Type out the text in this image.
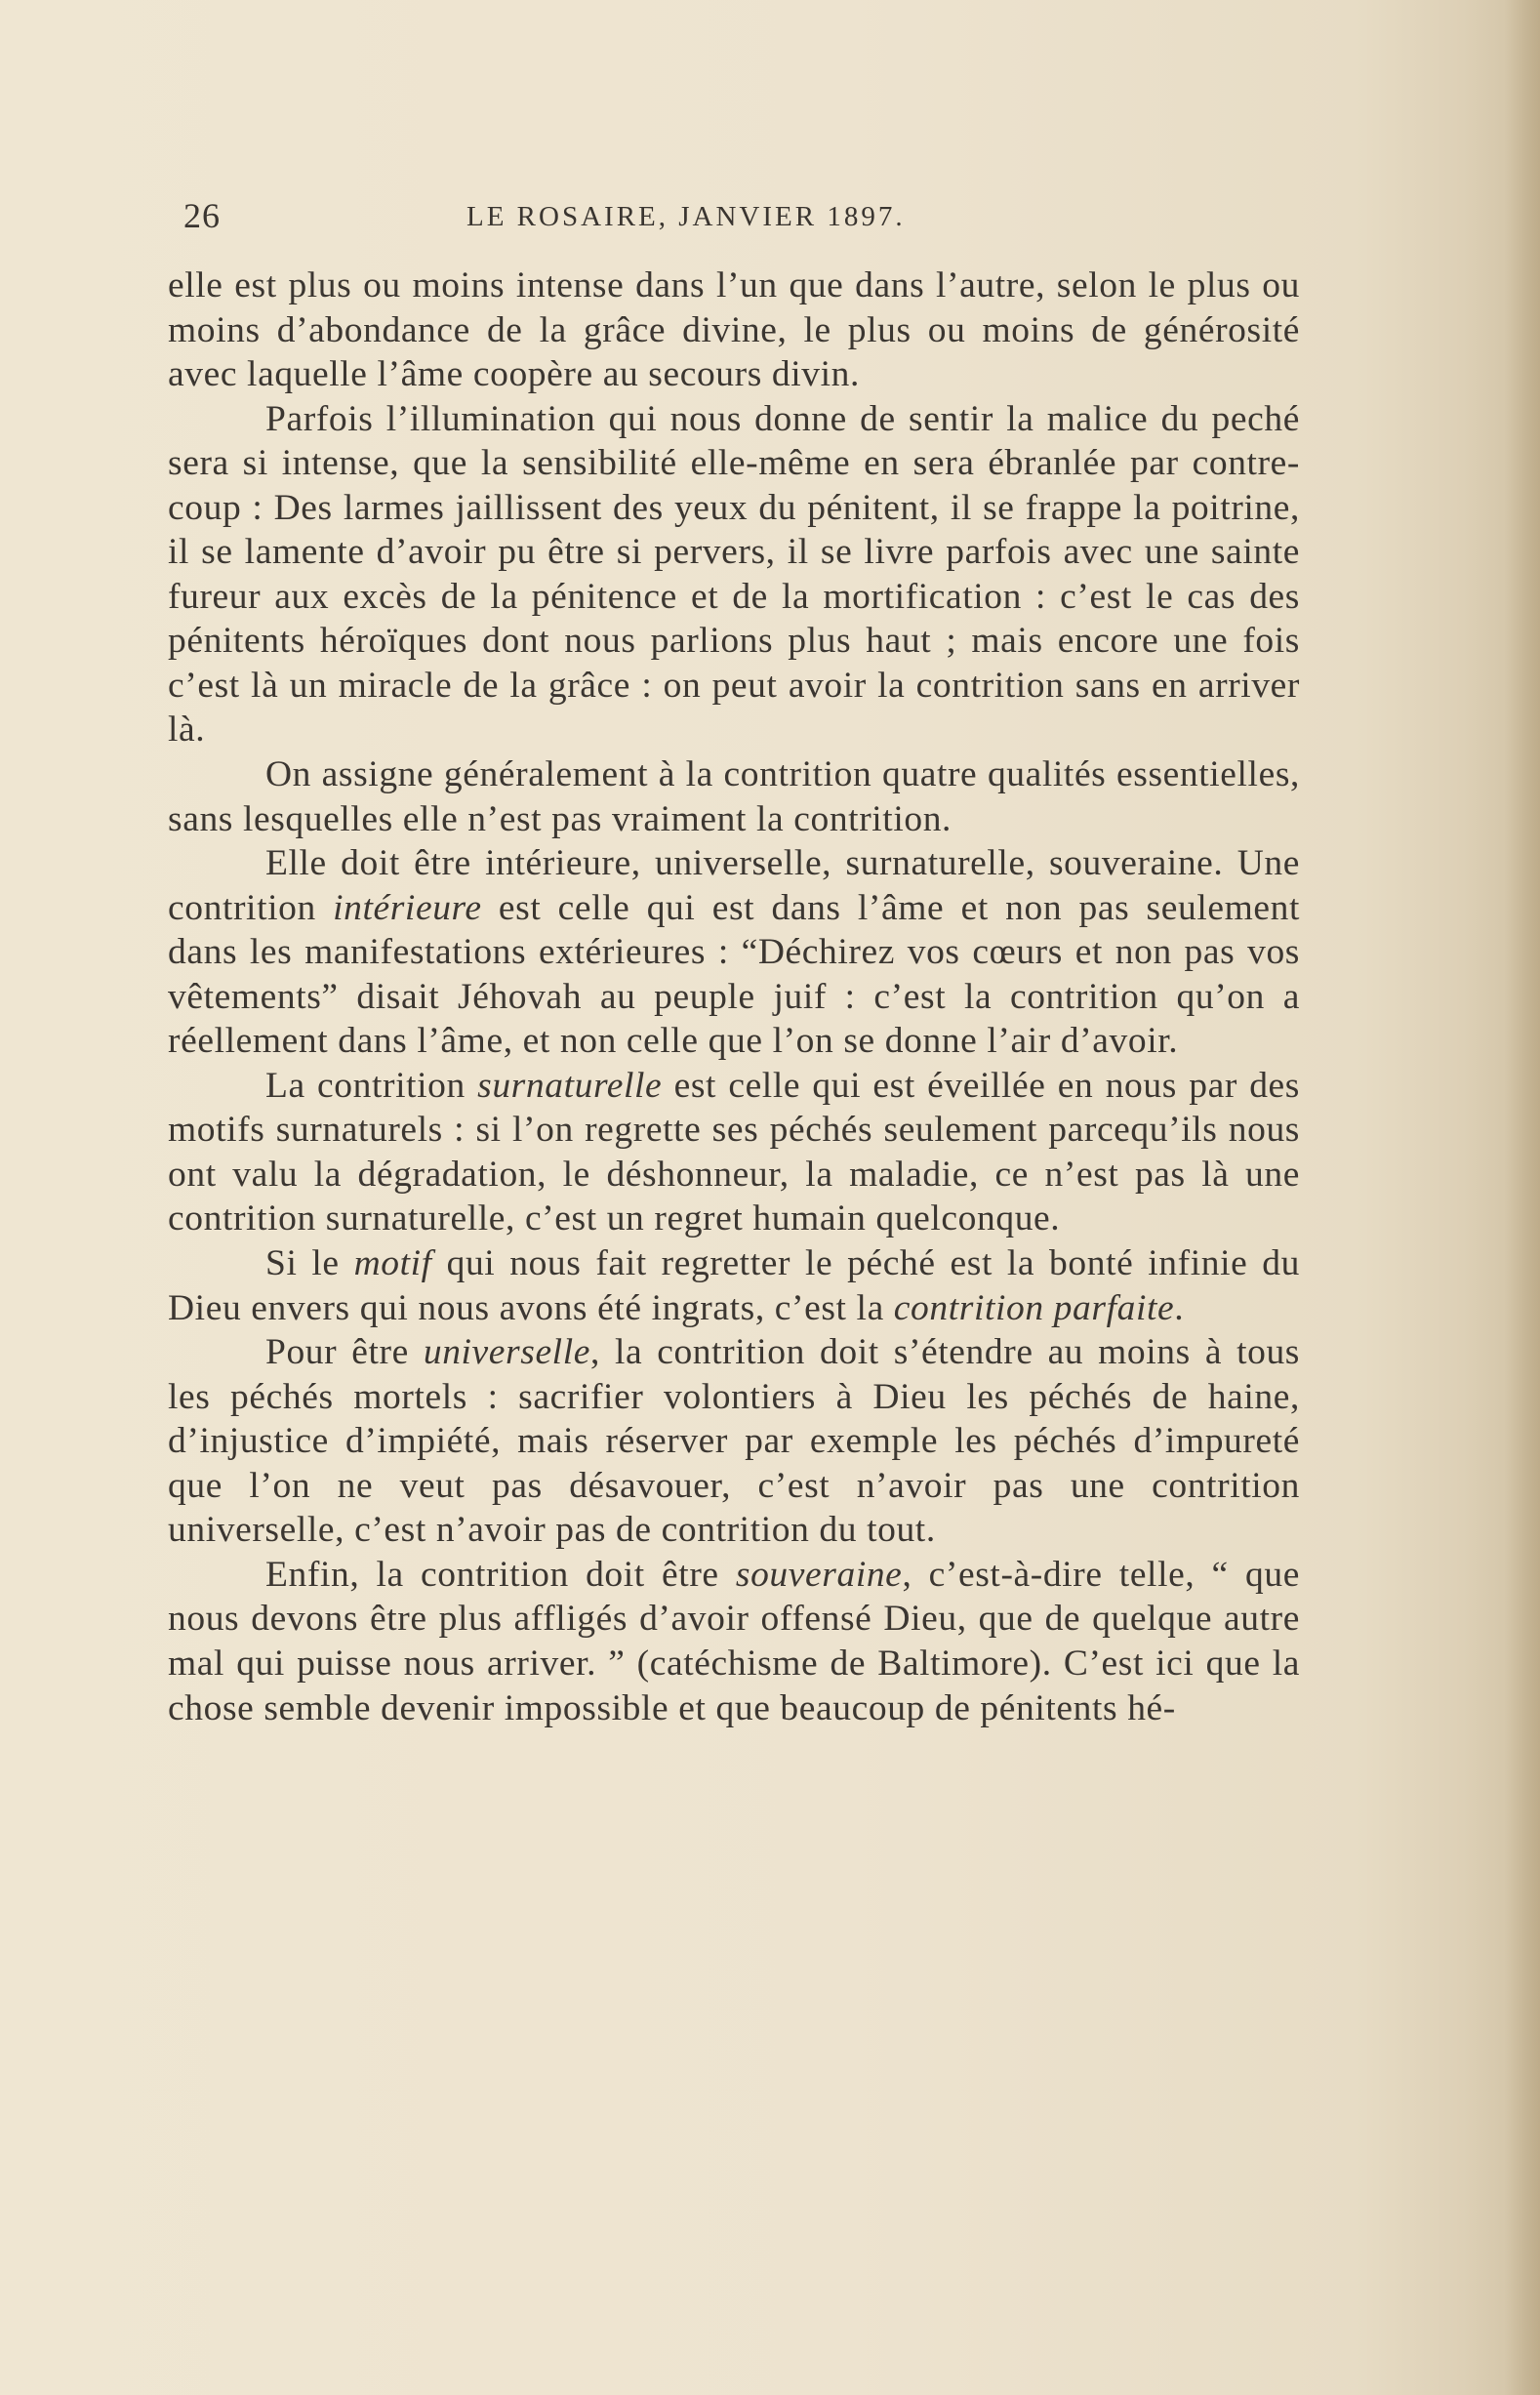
26	LE ROSAIRE, JANVIER 1897.

elle est plus ou moins intense dans l’un que dans l’autre, selon le plus ou moins d’abondance de la grâce divine, le plus ou moins de générosité avec laquelle l’âme coopère au secours divin.

Parfois l’illumination qui nous donne de sentir la malice du peché sera si intense, que la sensibilité elle-même en sera ébranlée par contre-coup : Des larmes jaillissent des yeux du pénitent, il se frappe la poitrine, il se lamente d’avoir pu être si pervers, il se livre parfois avec une sainte fureur aux excès de la pénitence et de la mortification : c’est le cas des pénitents héroïques dont nous parlions plus haut ; mais encore une fois c’est là un miracle de la grâce : on peut avoir la contrition sans en arriver là.

On assigne généralement à la contrition quatre qualités essentielles, sans lesquelles elle n’est pas vraiment la contrition.

Elle doit être intérieure, universelle, surnaturelle, souveraine. Une contrition intérieure est celle qui est dans l’âme et non pas seulement dans les manifestations extérieures : “Déchirez vos cœurs et non pas vos vêtements” disait Jéhovah au peuple juif : c’est la contrition qu’on a réellement dans l’âme, et non celle que l’on se donne l’air d’avoir.

La contrition surnaturelle est celle qui est éveillée en nous par des motifs surnaturels : si l’on regrette ses péchés seulement parcequ’ils nous ont valu la dégradation, le déshonneur, la maladie, ce n’est pas là une contrition surnaturelle, c’est un regret humain quelconque.

Si le motif qui nous fait regretter le péché est la bonté infinie du Dieu envers qui nous avons été ingrats, c’est la contrition parfaite.

Pour être universelle, la contrition doit s’étendre au moins à tous les péchés mortels : sacrifier volontiers à Dieu les péchés de haine, d’injustice d’impiété, mais réserver par exemple les péchés d’impureté que l’on ne veut pas désavouer, c’est n’avoir pas une contrition universelle, c’est n’avoir pas de contrition du tout.

Enfin, la contrition doit être souveraine, c’est-à-dire telle, “ que nous devons être plus affligés d’avoir offensé Dieu, que de quelque autre mal qui puisse nous arriver. ” (catéchisme de Baltimore). C’est ici que la chose semble devenir impossible et que beaucoup de pénitents hé-
